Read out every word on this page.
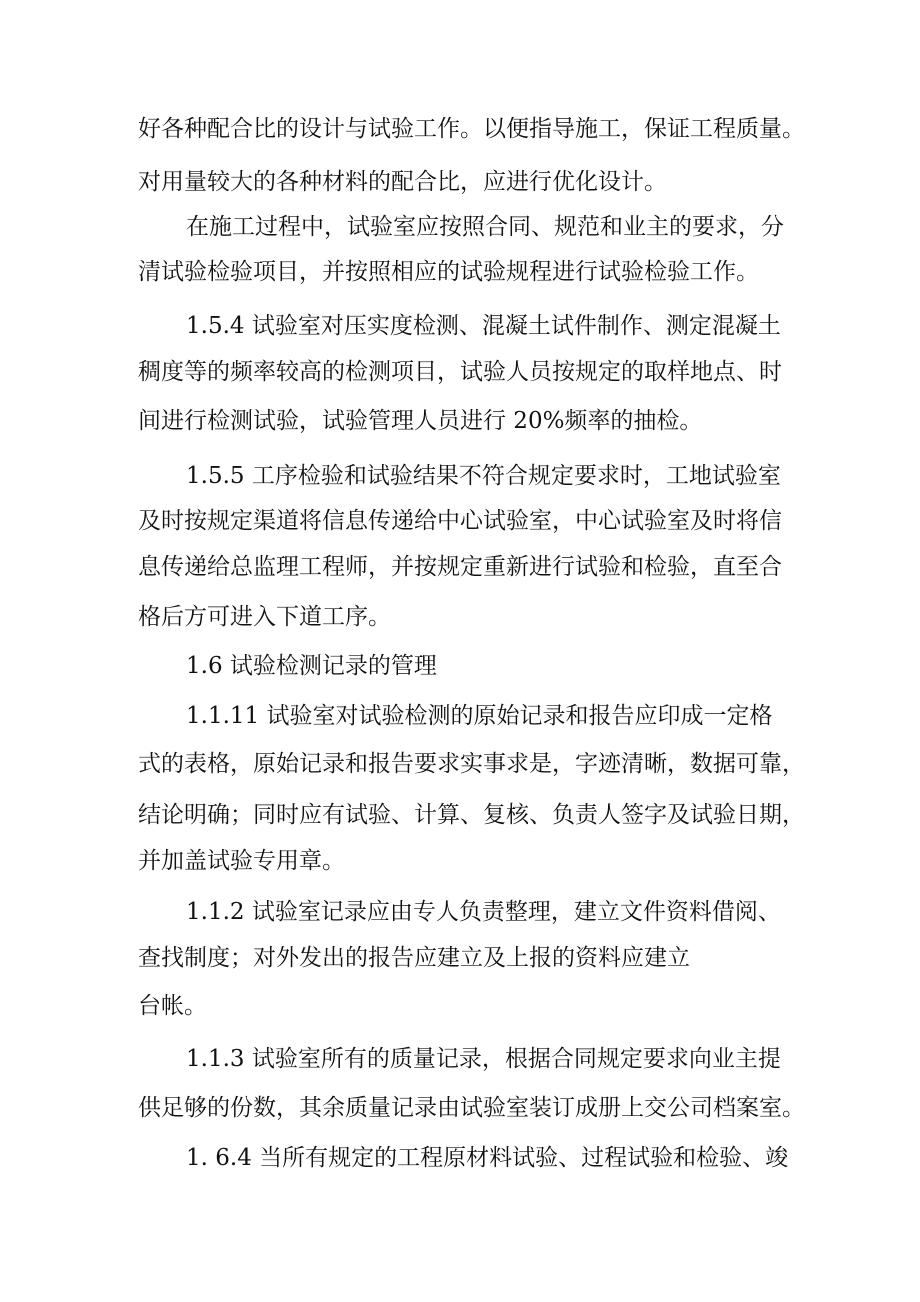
好各种配合比的设计与试验工作。以便指导施工，保证工程质量。
对用量较大的各种材料的配合比，应进行优化设计。
在施工过程中，试验室应按照合同、规范和业主的要求，分
清试验检验项目，并按照相应的试验规程进行试验检验工作。
1.5.4 试验室对压实度检测、混凝土试件制作、测定混凝土
稠度等的频率较高的检测项目，试验人员按规定的取样地点、时
间进行检测试验，试验管理人员进行 20%频率的抽检。
1.5.5 工序检验和试验结果不符合规定要求时，工地试验室
及时按规定渠道将信息传递给中心试验室，中心试验室及时将信
息传递给总监理工程师，并按规定重新进行试验和检验，直至合
格后方可进入下道工序。
1.6 试验检测记录的管理
1.1.11 试验室对试验检测的原始记录和报告应印成一定格
式的表格，原始记录和报告要求实事求是，字迹清晰，数据可靠，
结论明确；同时应有试验、计算、复核、负责人签字及试验日期，
并加盖试验专用章。
1.1.2 试验室记录应由专人负责整理，建立文件资料借阅、
查找制度；对外发出的报告应建立及上报的资料应建立
台帐。
1.1.3 试验室所有的质量记录，根据合同规定要求向业主提
供足够的份数，其余质量记录由试验室装订成册上交公司档案室。
1. 6.4 当所有规定的工程原材料试验、过程试验和检验、竣
